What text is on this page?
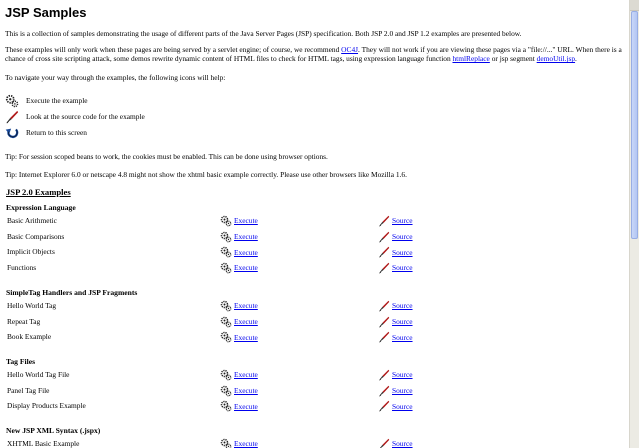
JSP Samples

This is a collection of samples demonstrating the usage of different parts of the Java Server Pages (JSP) specification. Both JSP 2.0 and JSP 1.2 examples are presented below.

These examples will only work when these pages are being served by a servlet engine; of course, we recommend OC4J. They will not work if you are viewing these pages via a "file://..." URL. When there is a chance of cross site scripting attack, some demos rewrite dynamic content of HTML files to check for HTML tags, using expression language function htmlReplace or jsp segment demoUtil.jsp.

To navigate your way through the examples, the following icons will help:

Execute the example
Look at the source code for the example
Return to this screen

Tip: For session scoped beans to work, the cookies must be enabled. This can be done using browser options.

Tip: Internet Explorer 6.0 or netscape 4.8 might not show the xhtml basic example correctly. Please use other browsers like Mozilla 1.6.

JSP 2.0 Examples
Expression Language
Basic Arithmetic	Execute	Source
Basic Comparisons	Execute	Source
Implicit Objects	Execute	Source
Functions	Execute	Source
SimpleTag Handlers and JSP Fragments
Hello World Tag	Execute	Source
Repeat Tag	Execute	Source
Book Example	Execute	Source
Tag Files
Hello World Tag File	Execute	Source
Panel Tag File	Execute	Source
Display Products Example	Execute	Source
New JSP XML Syntax (.jspx)
XHTML Basic Example	Execute	Source
